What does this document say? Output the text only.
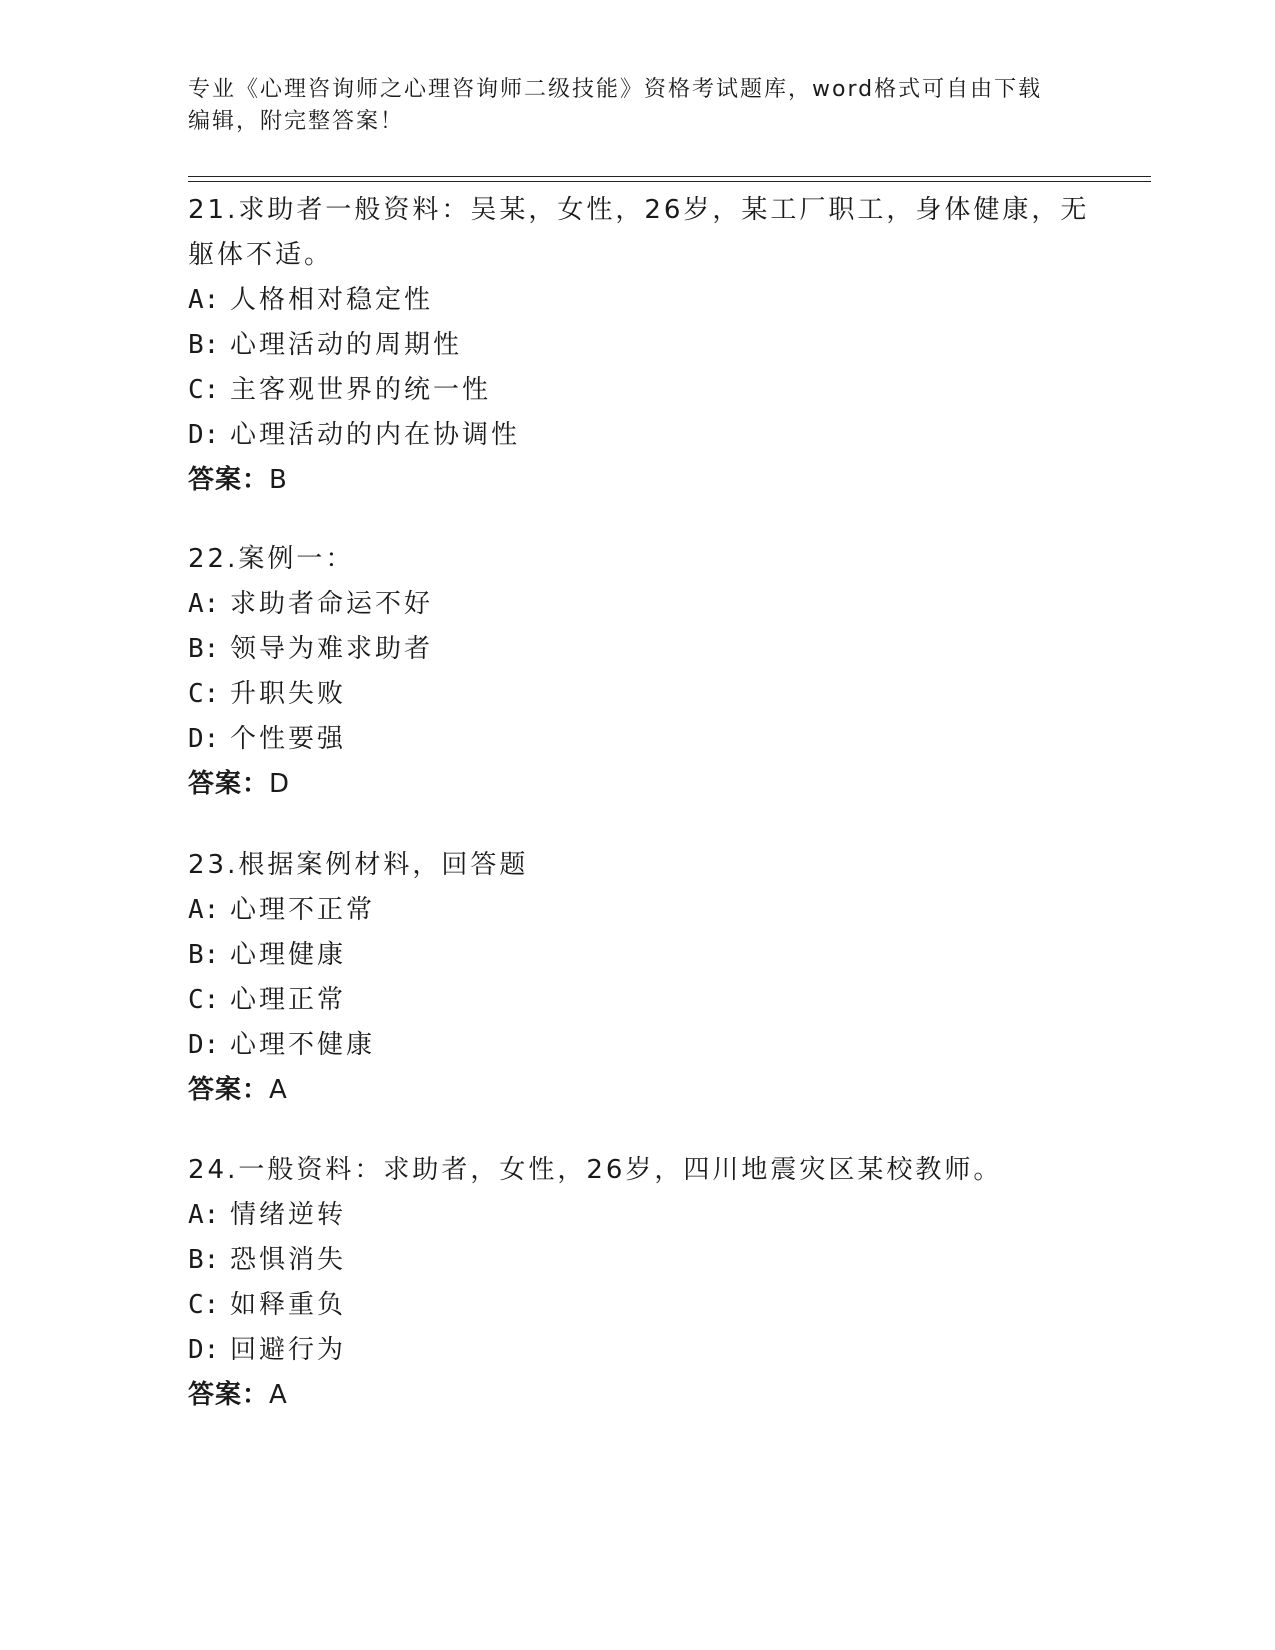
专业《心理咨询师之心理咨询师二级技能》资格考试题库，word格式可自由下载
编辑，附完整答案！
21.求助者一般资料：吴某，女性，26岁，某工厂职工，身体健康，无
躯体不适。
A: 人格相对稳定性
B: 心理活动的周期性
C: 主客观世界的统一性
D: 心理活动的内在协调性
答案：B
22.案例一：
A: 求助者命运不好
B: 领导为难求助者
C: 升职失败
D: 个性要强
答案：D
23.根据案例材料，回答题
A: 心理不正常
B: 心理健康
C: 心理正常
D: 心理不健康
答案：A
24.一般资料：求助者，女性，26岁，四川地震灾区某校教师。
A: 情绪逆转
B: 恐惧消失
C: 如释重负
D: 回避行为
答案：A
